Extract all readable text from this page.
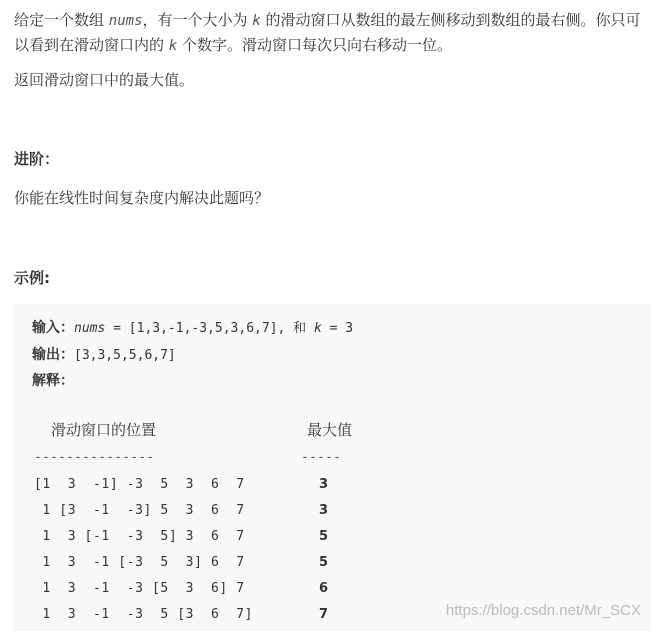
给定一个数组 nums，有一个大小为 k 的滑动窗口从数组的最左侧移动到数组的最右侧。你只可以看到在滑动窗口内的 k 个数字。滑动窗口每次只向右移动一位。

返回滑动窗口中的最大值。

进阶：

你能在线性时间复杂度内解决此题吗？

示例:
输入：nums = [1,3,-1,-3,5,3,6,7], 和 k = 3
输出：[3,3,5,5,6,7]
解释：
滑动窗口的位置	最大值
---------------	-----
[1  3  -1] -3  5  3  6  7	3
1 [3  -1  -3] 5  3  6  7	3
1  3 [-1  -3  5] 3  6  7	5
1  3  -1 [-3  5  3] 6  7	5
1  3  -1  -3 [5  3  6] 7	6
1  3  -1  -3  5 [3  6  7]	7	https://blog.csdn.net/Mr_SCX
